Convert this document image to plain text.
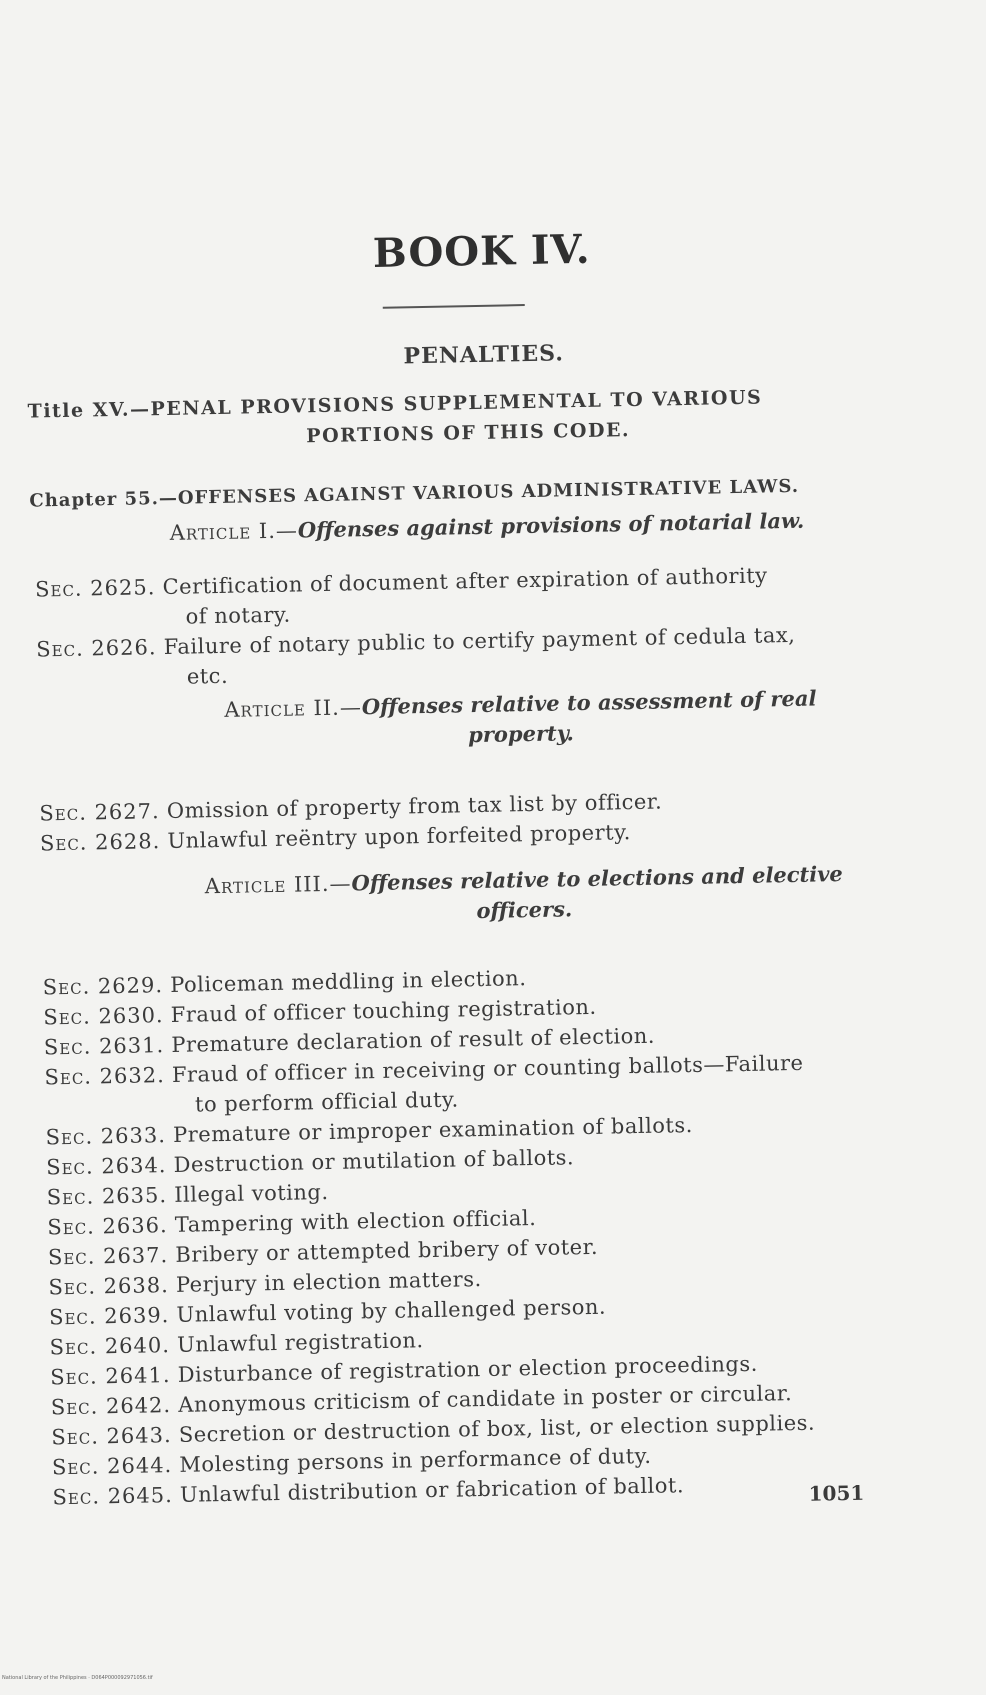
BOOK IV.
PENALTIES.
Title XV.—PENAL PROVISIONS SUPPLEMENTAL TO VARIOUS
PORTIONS OF THIS CODE.
Chapter 55.—OFFENSES AGAINST VARIOUS ADMINISTRATIVE LAWS.
Article I.—Offenses against provisions of notarial law.
Sec. 2625. Certification of document after expiration of authority
of notary.
Sec. 2626. Failure of notary public to certify payment of cedula tax,
etc.
Article II.—Offenses relative to assessment of real
property.
Sec. 2627. Omission of property from tax list by officer.
Sec. 2628. Unlawful reëntry upon forfeited property.
Article III.—Offenses relative to elections and elective
officers.
Sec. 2629. Policeman meddling in election.
Sec. 2630. Fraud of officer touching registration.
Sec. 2631. Premature declaration of result of election.
Sec. 2632. Fraud of officer in receiving or counting ballots—Failure
to perform official duty.
Sec. 2633. Premature or improper examination of ballots.
Sec. 2634. Destruction or mutilation of ballots.
Sec. 2635. Illegal voting.
Sec. 2636. Tampering with election official.
Sec. 2637. Bribery or attempted bribery of voter.
Sec. 2638. Perjury in election matters.
Sec. 2639. Unlawful voting by challenged person.
Sec. 2640. Unlawful registration.
Sec. 2641. Disturbance of registration or election proceedings.
Sec. 2642. Anonymous criticism of candidate in poster or circular.
Sec. 2643. Secretion or destruction of box, list, or election supplies.
Sec. 2644. Molesting persons in performance of duty.
Sec. 2645. Unlawful distribution or fabrication of ballot.	1051
National Library of the Philippines · D064P000092971056.tif
